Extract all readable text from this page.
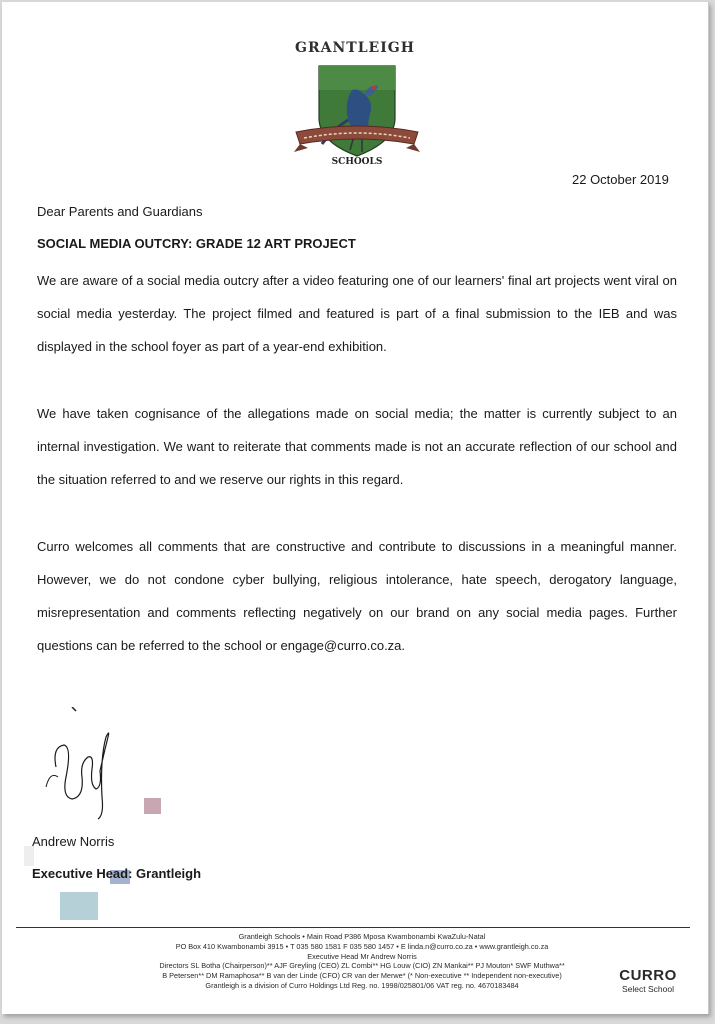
GRANTLEIGH
SCHOOLS
22 October 2019
Dear Parents and Guardians
SOCIAL MEDIA OUTCRY: GRADE 12 ART PROJECT
We are aware of a social media outcry after a video featuring one of our learners' final art projects went viral on social media yesterday. The project filmed and featured is part of a final submission to the IEB and was displayed in the school foyer as part of a year-end exhibition.
We have taken cognisance of the allegations made on social media; the matter is currently subject to an internal investigation. We want to reiterate that comments made is not an accurate reflection of our school and the situation referred to and we reserve our rights in this regard.
Curro welcomes all comments that are constructive and contribute to discussions in a meaningful manner. However, we do not condone cyber bullying, religious intolerance, hate speech, derogatory language, misrepresentation and comments reflecting negatively on our brand on any social media pages. Further questions can be referred to the school or engage@curro.co.za.
Andrew Norris
Executive Head: Grantleigh
Grantleigh Schools • Main Road P386 Mposa Kwambonambi KwaZulu-Natal
PO Box 410 Kwambonambi 3915 • T 035 580 1581 F 035 580 1457 • E linda.n@curro.co.za • www.grantleigh.co.za
Executive Head Mr Andrew Norris
Directors SL Botha (Chairperson)** AJF Greyling (CEO) ZL Combi** HG Louw (CIO) ZN Mankai** PJ Mouton* SWF Muthwa**
B Petersen** DM Ramaphosa** B van der Linde (CFO) CR van der Merwe* (* Non-executive ** Independent non-executive)
Grantleigh is a division of Curro Holdings Ltd Reg. no. 1998/025801/06 VAT reg. no. 4670183484
CURRO
Select School
